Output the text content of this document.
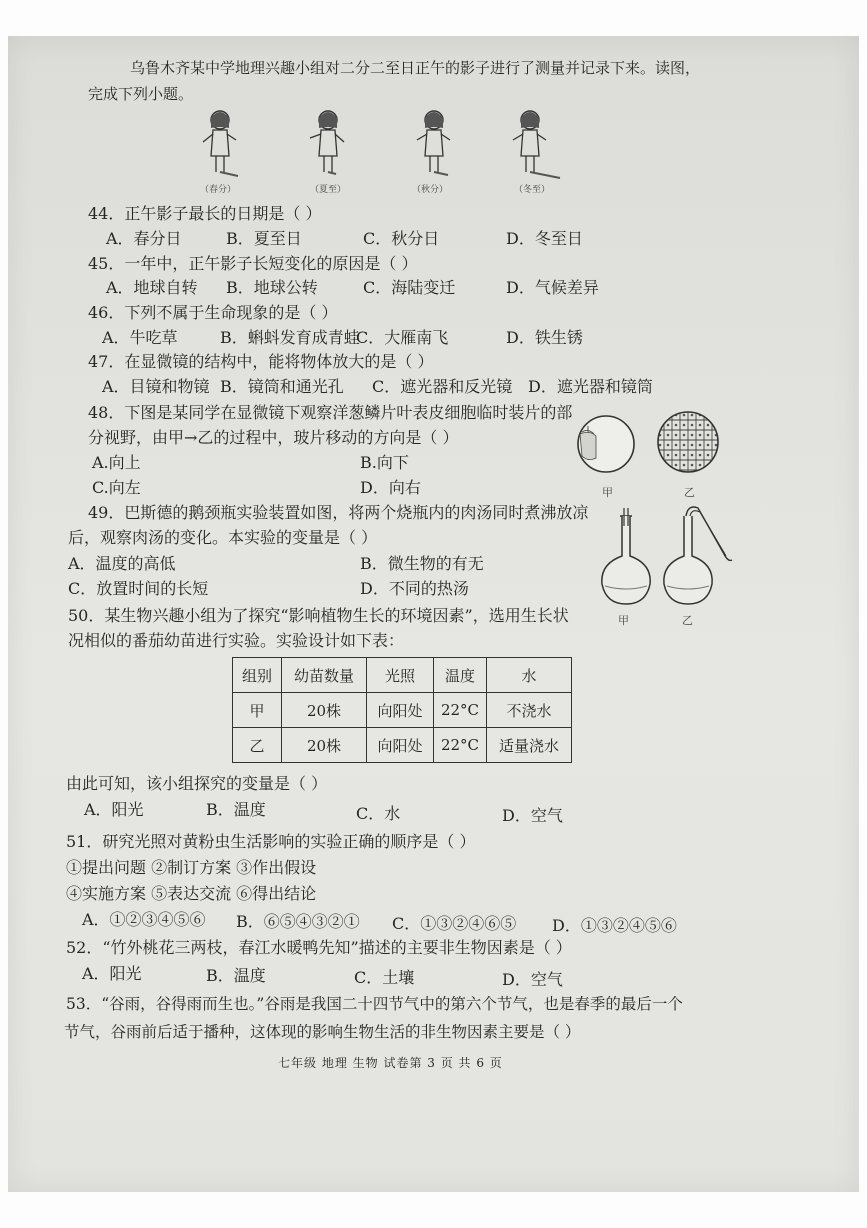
乌鲁木齐某中学地理兴趣小组对二分二至日正午的影子进行了测量并记录下来。读图，
完成下列小题。
（春分）	（夏至）	（秋分）	（冬至）
44．正午影子最长的日期是（ ）
A．春分日	B．夏至日	C．秋分日	D．冬至日
45．一年中，正午影子长短变化的原因是（ ）
A．地球自转 B．地球公转	C．海陆变迁	D．气候差异
46．下列不属于生命现象的是（ ）
A．牛吃草	B．蝌蚪发育成青蛙
C．大雁南飞	D．铁生锈
47．在显微镜的结构中，能将物体放大的是（ ）
A．目镜和物镜 B．镜筒和通光孔 C．遮光器和反光镜 D．遮光器和镜筒
48．下图是某同学在显微镜下观察洋葱鳞片叶表皮细胞临时装片的部
分视野，由甲→乙的过程中，玻片移动的方向是（ ）
A.向上	B.向下
C.向左	D．向右	甲	乙
49．巴斯德的鹅颈瓶实验装置如图，将两个烧瓶内的肉汤同时煮沸放凉
后，观察肉汤的变化。本实验的变量是（ ）
A．温度的高低	B．微生物的有无
C．放置时间的长短	D．不同的热汤
甲	乙
50．某生物兴趣小组为了探究“影响植物生长的环境因素”，选用生长状
况相似的番茄幼苗进行实验。实验设计如下表：
组别	幼苗数量	光照	温度	水
甲	20株	向阳处	22°C	不浇水
乙	20株	向阳处	22°C	适量浇水
由此可知，该小组探究的变量是（ ）
A．阳光	B．温度	C．水	D．空气
51．研究光照对黄粉虫生活影响的实验正确的顺序是（ ）
①提出问题 ②制订方案 ③作出假设
④实施方案 ⑤表达交流 ⑥得出结论
A．①②③④⑤⑥ B．⑥⑤④③②① C．①③②④⑥⑤ D．①③②④⑤⑥
52．“竹外桃花三两枝，春江水暖鸭先知”描述的主要非生物因素是（ ）
A．阳光	B．温度	C．土壤	D．空气
53．“谷雨，谷得雨而生也。”谷雨是我国二十四节气中的第六个节气，也是春季的最后一个
节气，谷雨前后适于播种，这体现的影响生物生活的非生物因素主要是（ ）
七年级 地理 生物 试卷第 3 页 共 6 页
